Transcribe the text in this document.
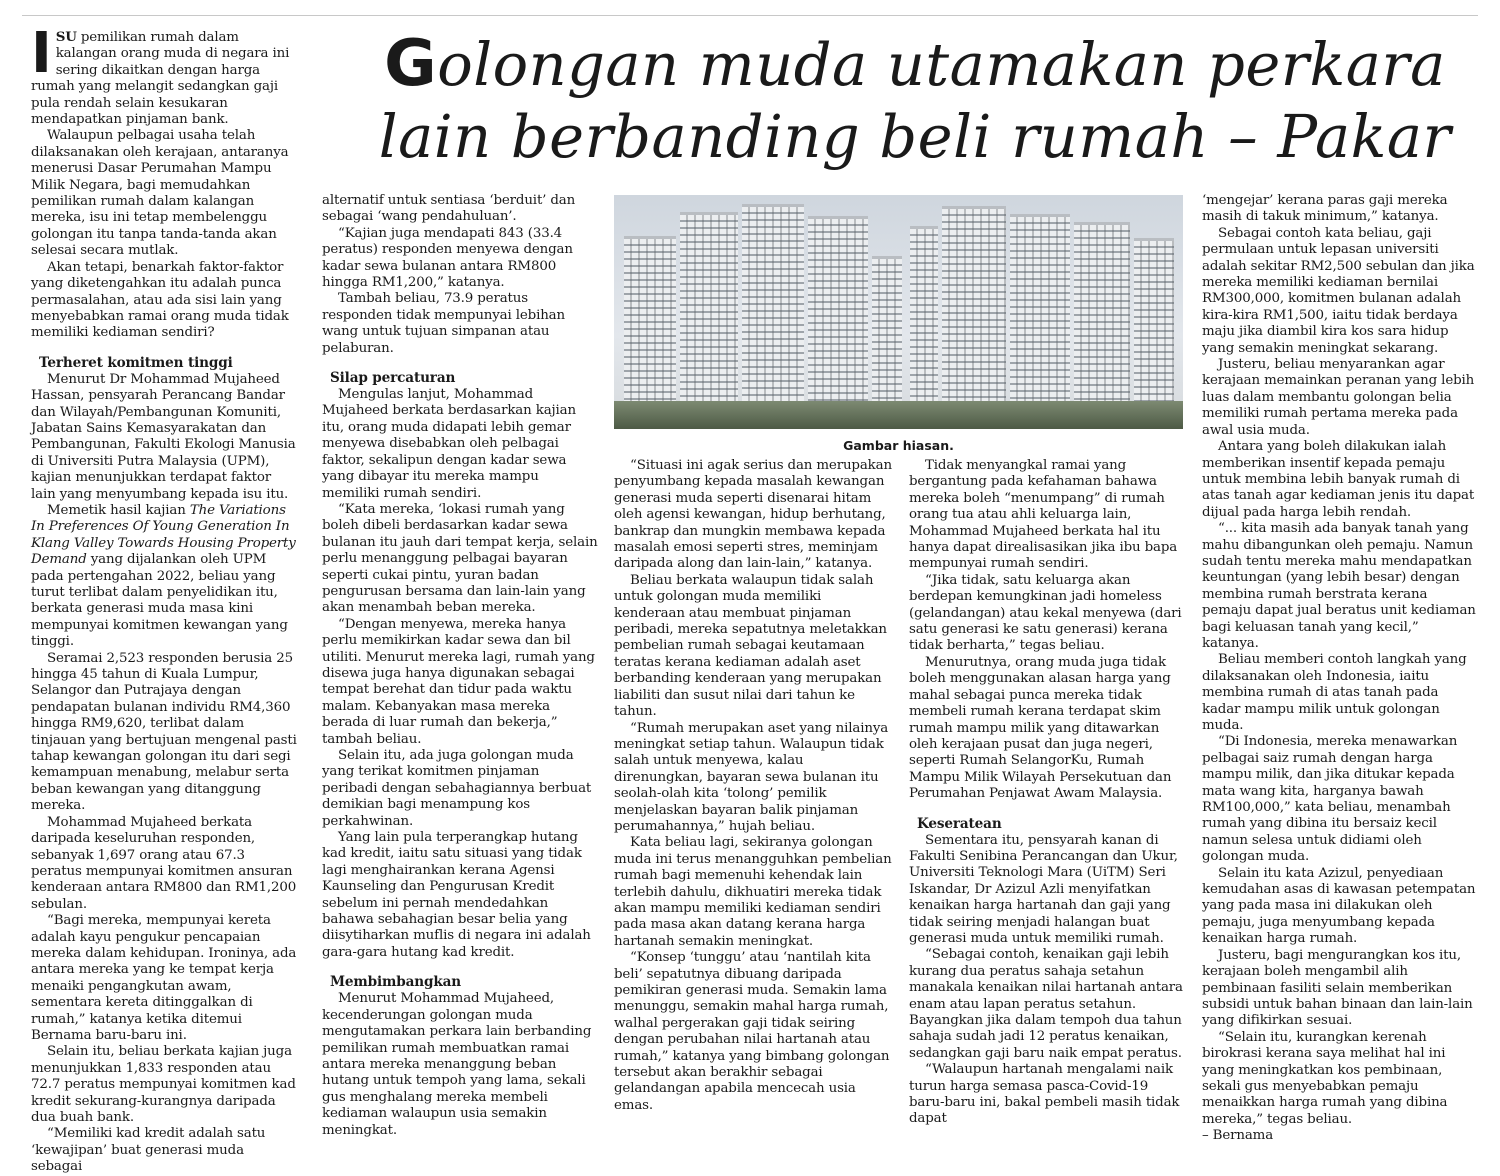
Golongan muda utamakan perkara
lain berbanding beli rumah – Pakar

ISU pemilikan rumah dalam kalangan orang muda di negara ini sering dikaitkan dengan harga rumah yang melangit sedangkan gaji pula rendah selain kesukaran mendapatkan pinjaman bank.

Walaupun pelbagai usaha telah dilaksanakan oleh kerajaan, antaranya menerusi Dasar Perumahan Mampu Milik Negara, bagi memudahkan pemilikan rumah dalam kalangan mereka, isu ini tetap membelenggu golongan itu tanpa tanda-tanda akan selesai secara mutlak.

Akan tetapi, benarkah faktor-faktor yang diketengahkan itu adalah punca permasalahan, atau ada sisi lain yang menyebabkan ramai orang muda tidak memiliki kediaman sendiri?

Terheret komitmen tinggi

Menurut Dr Mohammad Mujaheed Hassan, pensyarah Perancang Bandar dan Wilayah/Pembangunan Komuniti, Jabatan Sains Kemasyarakatan dan Pembangunan, Fakulti Ekologi Manusia di Universiti Putra Malaysia (UPM), kajian menunjukkan terdapat faktor lain yang menyumbang kepada isu itu.

Memetik hasil kajian The Variations In Preferences Of Young Generation In Klang Valley Towards Housing Property Demand yang dijalankan oleh UPM pada pertengahan 2022, beliau yang turut terlibat dalam penyelidikan itu, berkata generasi muda masa kini mempunyai komitmen kewangan yang tinggi.

Seramai 2,523 responden berusia 25 hingga 45 tahun di Kuala Lumpur, Selangor dan Putrajaya dengan pendapatan bulanan individu RM4,360 hingga RM9,620, terlibat dalam tinjauan yang bertujuan mengenal pasti tahap kewangan golongan itu dari segi kemampuan menabung, melabur serta beban kewangan yang ditanggung mereka.

Mohammad Mujaheed berkata daripada keseluruhan responden, sebanyak 1,697 orang atau 67.3 peratus mempunyai komitmen ansuran kenderaan antara RM800 dan RM1,200 sebulan.

“Bagi mereka, mempunyai kereta adalah kayu pengukur pencapaian mereka dalam kehidupan. Ironinya, ada antara mereka yang ke tempat kerja menaiki pengangkutan awam, sementara kereta ditinggalkan di rumah,” katanya ketika ditemui Bernama baru-baru ini.

Selain itu, beliau berkata kajian juga menunjukkan 1,833 responden atau 72.7 peratus mempunyai komitmen kad kredit sekurang-kurangnya daripada dua buah bank.

“Memiliki kad kredit adalah satu ‘kewajipan’ buat generasi muda sebagai

alternatif untuk sentiasa ‘berduit’ dan sebagai ‘wang pendahuluan’.

“Kajian juga mendapati 843 (33.4 peratus) responden menyewa dengan kadar sewa bulanan antara RM800 hingga RM1,200,” katanya.

Tambah beliau, 73.9 peratus responden tidak mempunyai lebihan wang untuk tujuan simpanan atau pelaburan.

Silap percaturan

Mengulas lanjut, Mohammad Mujaheed berkata berdasarkan kajian itu, orang muda didapati lebih gemar menyewa disebabkan oleh pelbagai faktor, sekalipun dengan kadar sewa yang dibayar itu mereka mampu memiliki rumah sendiri.

“Kata mereka, ‘lokasi rumah yang boleh dibeli berdasarkan kadar sewa bulanan itu jauh dari tempat kerja, selain perlu menanggung pelbagai bayaran seperti cukai pintu, yuran badan pengurusan bersama dan lain-lain yang akan menambah beban mereka.

“Dengan menyewa, mereka hanya perlu memikirkan kadar sewa dan bil utiliti. Menurut mereka lagi, rumah yang disewa juga hanya digunakan sebagai tempat berehat dan tidur pada waktu malam. Kebanyakan masa mereka berada di luar rumah dan bekerja,” tambah beliau.

Selain itu, ada juga golongan muda yang terikat komitmen pinjaman peribadi dengan sebahagiannya berbuat demikian bagi menampung kos perkahwinan.

Yang lain pula terperangkap hutang kad kredit, iaitu satu situasi yang tidak lagi menghairankan kerana Agensi Kaunseling dan Pengurusan Kredit sebelum ini pernah mendedahkan bahawa sebahagian besar belia yang diisytiharkan muflis di negara ini adalah gara-gara hutang kad kredit.

Membimbangkan

Menurut Mohammad Mujaheed, kecenderungan golongan muda mengutamakan perkara lain berbanding pemilikan rumah membuatkan ramai antara mereka menanggung beban hutang untuk tempoh yang lama, sekali gus menghalang mereka membeli kediaman walaupun usia semakin meningkat.

Gambar hiasan.

“Situasi ini agak serius dan merupakan penyumbang kepada masalah kewangan generasi muda seperti disenarai hitam oleh agensi kewangan, hidup berhutang, bankrap dan mungkin membawa kepada masalah emosi seperti stres, meminjam daripada along dan lain-lain,” katanya.

Beliau berkata walaupun tidak salah untuk golongan muda memiliki kenderaan atau membuat pinjaman peribadi, mereka sepatutnya meletakkan pembelian rumah sebagai keutamaan teratas kerana kediaman adalah aset berbanding kenderaan yang merupakan liabiliti dan susut nilai dari tahun ke tahun.

“Rumah merupakan aset yang nilainya meningkat setiap tahun. Walaupun tidak salah untuk menyewa, kalau direnungkan, bayaran sewa bulanan itu seolah-olah kita ‘tolong’ pemilik menjelaskan bayaran balik pinjaman perumahannya,” hujah beliau.

Kata beliau lagi, sekiranya golongan muda ini terus menangguhkan pembelian rumah bagi memenuhi kehendak lain terlebih dahulu, dikhuatiri mereka tidak akan mampu memiliki kediaman sendiri pada masa akan datang kerana harga hartanah semakin meningkat.

“Konsep ‘tunggu’ atau ‘nantilah kita beli’ sepatutnya dibuang daripada pemikiran generasi muda. Semakin lama menunggu, semakin mahal harga rumah, walhal pergerakan gaji tidak seiring dengan perubahan nilai hartanah atau rumah,” katanya yang bimbang golongan tersebut akan berakhir sebagai gelandangan apabila mencecah usia emas.

Tidak menyangkal ramai yang bergantung pada kefahaman bahawa mereka boleh “menumpang” di rumah orang tua atau ahli keluarga lain, Mohammad Mujaheed berkata hal itu hanya dapat direalisasikan jika ibu bapa mempunyai rumah sendiri.

“Jika tidak, satu keluarga akan berdepan kemungkinan jadi homeless (gelandangan) atau kekal menyewa (dari satu generasi ke satu generasi) kerana tidak berharta,” tegas beliau.

Menurutnya, orang muda juga tidak boleh menggunakan alasan harga yang mahal sebagai punca mereka tidak membeli rumah kerana terdapat skim rumah mampu milik yang ditawarkan oleh kerajaan pusat dan juga negeri, seperti Rumah SelangorKu, Rumah Mampu Milik Wilayah Persekutuan dan Perumahan Penjawat Awam Malaysia.

Keseratean

Sementara itu, pensyarah kanan di Fakulti Senibina Perancangan dan Ukur, Universiti Teknologi Mara (UiTM) Seri Iskandar, Dr Azizul Azli menyifatkan kenaikan harga hartanah dan gaji yang tidak seiring menjadi halangan buat generasi muda untuk memiliki rumah.

“Sebagai contoh, kenaikan gaji lebih kurang dua peratus sahaja setahun manakala kenaikan nilai hartanah antara enam atau lapan peratus setahun. Bayangkan jika dalam tempoh dua tahun sahaja sudah jadi 12 peratus kenaikan, sedangkan gaji baru naik empat peratus.

“Walaupun hartanah mengalami naik turun harga semasa pasca-Covid-19 baru-baru ini, bakal pembeli masih tidak dapat

‘mengejar’ kerana paras gaji mereka masih di takuk minimum,” katanya.

Sebagai contoh kata beliau, gaji permulaan untuk lepasan universiti adalah sekitar RM2,500 sebulan dan jika mereka memiliki kediaman bernilai RM300,000, komitmen bulanan adalah kira-kira RM1,500, iaitu tidak berdaya maju jika diambil kira kos sara hidup yang semakin meningkat sekarang.

Justeru, beliau menyarankan agar kerajaan memainkan peranan yang lebih luas dalam membantu golongan belia memiliki rumah pertama mereka pada awal usia muda.

Antara yang boleh dilakukan ialah memberikan insentif kepada pemaju untuk membina lebih banyak rumah di atas tanah agar kediaman jenis itu dapat dijual pada harga lebih rendah.

“... kita masih ada banyak tanah yang mahu dibangunkan oleh pemaju. Namun sudah tentu mereka mahu mendapatkan keuntungan (yang lebih besar) dengan membina rumah berstrata kerana pemaju dapat jual beratus unit kediaman bagi keluasan tanah yang kecil,” katanya.

Beliau memberi contoh langkah yang dilaksanakan oleh Indonesia, iaitu membina rumah di atas tanah pada kadar mampu milik untuk golongan muda.

“Di Indonesia, mereka menawarkan pelbagai saiz rumah dengan harga mampu milik, dan jika ditukar kepada mata wang kita, harganya bawah RM100,000,” kata beliau, menambah rumah yang dibina itu bersaiz kecil namun selesa untuk didiami oleh golongan muda.

Selain itu kata Azizul, penyediaan kemudahan asas di kawasan petempatan yang pada masa ini dilakukan oleh pemaju, juga menyumbang kepada kenaikan harga rumah.

Justeru, bagi mengurangkan kos itu, kerajaan boleh mengambil alih pembinaan fasiliti selain memberikan subsidi untuk bahan binaan dan lain-lain yang difikirkan sesuai.

“Selain itu, kurangkan kerenah birokrasi kerana saya melihat hal ini yang meningkatkan kos pembinaan, sekali gus menyebabkan pemaju menaikkan harga rumah yang dibina mereka,” tegas beliau.

– Bernama
